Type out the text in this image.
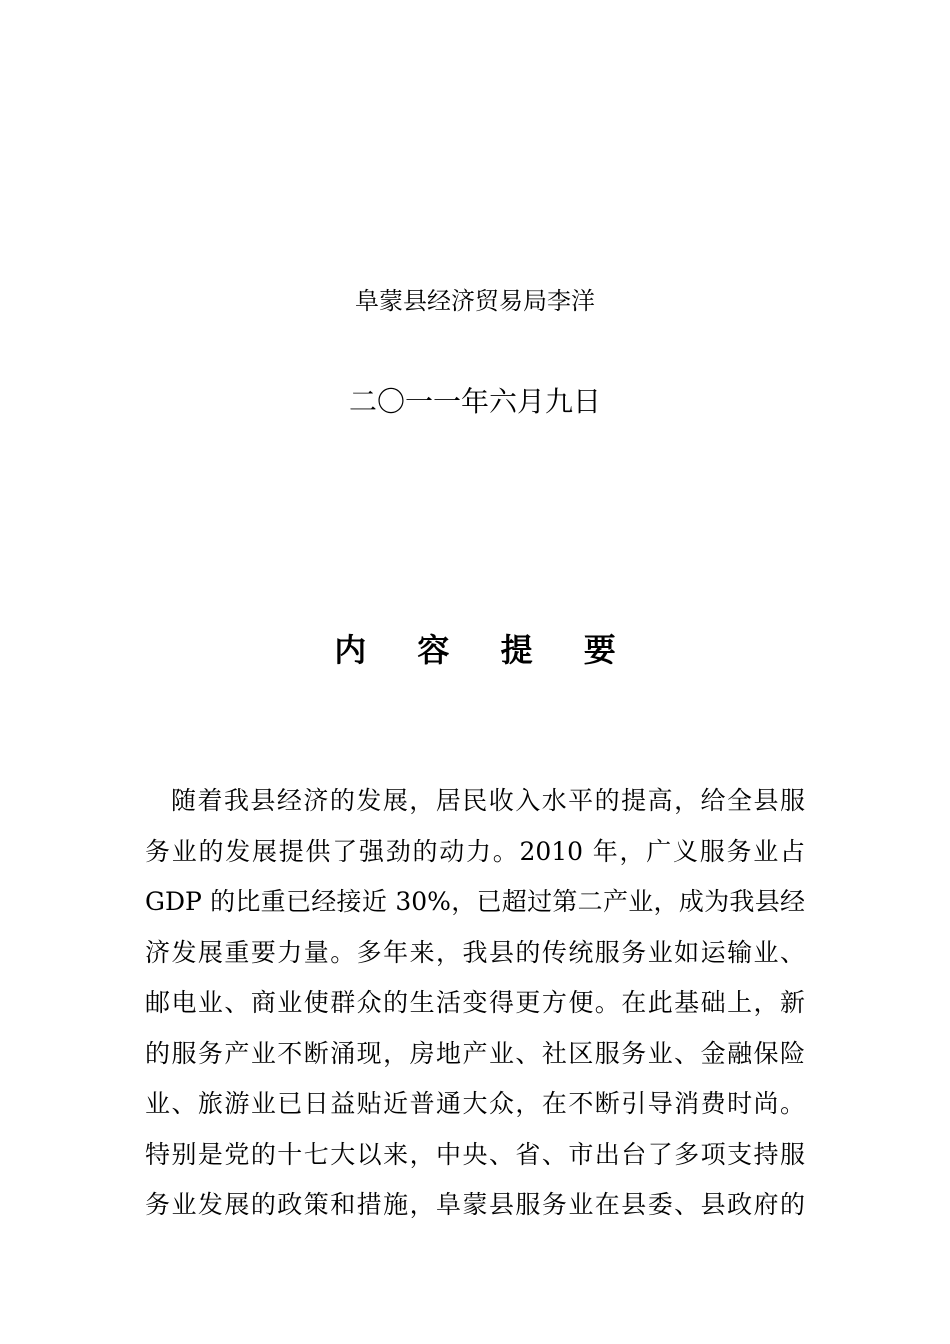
阜蒙县经济贸易局李洋
二〇一一年六月九日
内 容 提 要
随着我县经济的发展，居民收入水平的提高，给全县服
务业的发展提供了强劲的动力。2010 年，广义服务业占
GDP 的比重已经接近 30%，已超过第二产业，成为我县经
济发展重要力量。多年来，我县的传统服务业如运输业、
邮电业、商业使群众的生活变得更方便。在此基础上，新
的服务产业不断涌现，房地产业、社区服务业、金融保险
业、旅游业已日益贴近普通大众，在不断引导消费时尚。
特别是党的十七大以来，中央、省、市出台了多项支持服
务业发展的政策和措施，阜蒙县服务业在县委、县政府的
